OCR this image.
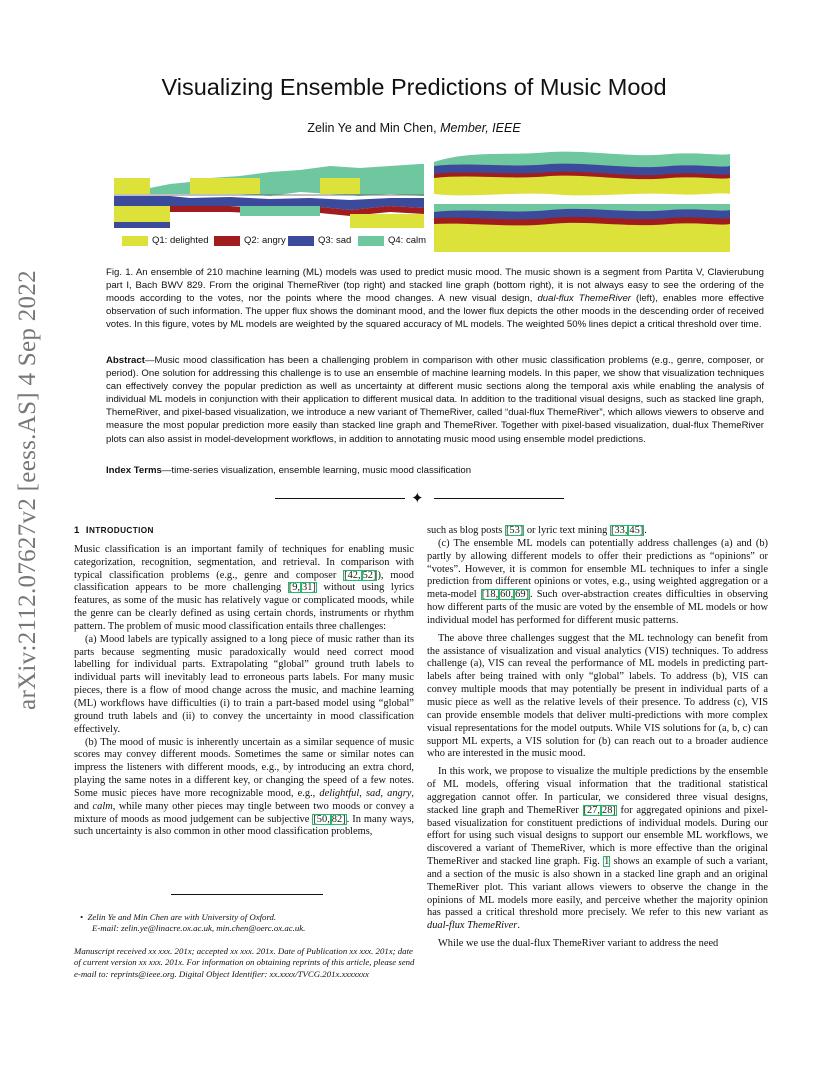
arXiv:2112.07627v2 [eess.AS] 4 Sep 2022
Visualizing Ensemble Predictions of Music Mood
Zelin Ye and Min Chen, Member, IEEE
Q1: delighted	Q2: angry	Q3: sad	Q4: calm
Fig. 1. An ensemble of 210 machine learning (ML) models was used to predict music mood. The music shown is a segment from Partita V, Clavierubung part I, Bach BWV 829. From the original ThemeRiver (top right) and stacked line graph (bottom right), it is not always easy to see the ordering of the moods according to the votes, nor the points where the mood changes. A new visual design, dual-flux ThemeRiver (left), enables more effective observation of such information. The upper flux shows the dominant mood, and the lower flux depicts the other moods in the descending order of received votes. In this figure, votes by ML models are weighted by the squared accuracy of ML models. The weighted 50% lines depict a critical threshold over time.
Abstract—Music mood classification has been a challenging problem in comparison with other music classification problems (e.g., genre, composer, or period). One solution for addressing this challenge is to use an ensemble of machine learning models. In this paper, we show that visualization techniques can effectively convey the popular prediction as well as uncertainty at different music sections along the temporal axis while enabling the analysis of individual ML models in conjunction with their application to different musical data. In addition to the traditional visual designs, such as stacked line graph, ThemeRiver, and pixel-based visualization, we introduce a new variant of ThemeRiver, called “dual-flux ThemeRiver”, which allows viewers to observe and measure the most popular prediction more easily than stacked line graph and ThemeRiver. Together with pixel-based visualization, dual-flux ThemeRiver plots can also assist in model-development workflows, in addition to annotating music mood using ensemble model predictions.
Index Terms—time-series visualization, ensemble learning, music mood classification
✦
1 INTRODUCTION

Music classification is an important family of techniques for enabling music categorization, recognition, segmentation, and retrieval. In comparison with typical classification problems (e.g., genre and composer [42, 52]), mood classification appears to be more challenging [9, 31] without using lyrics features, as some of the music has relatively vague or complicated moods, while the genre can be clearly defined as using certain chords, instruments or rhythm pattern. The problem of music mood classification entails three challenges:

(a) Mood labels are typically assigned to a long piece of music rather than its parts because segmenting music paradoxically would need correct mood labelling for individual parts. Extrapolating “global” ground truth labels to individual parts will inevitably lead to erroneous parts labels. For many music pieces, there is a flow of mood change across the music, and machine learning (ML) workflows have difficulties (i) to train a part-based model using “global” ground truth labels and (ii) to convey the uncertainty in mood classification effectively.

(b) The mood of music is inherently uncertain as a similar sequence of music scores may convey different moods. Sometimes the same or similar notes can impress the listeners with different moods, e.g., by introducing an extra chord, playing the same notes in a different key, or changing the speed of a few notes. Some music pieces have more recognizable mood, e.g., delightful, sad, angry, and calm, while many other pieces may tingle between two moods or convey a mixture of moods as mood judgement can be subjective [50, 82]. In many ways, such uncertainty is also common in other mood classification problems,

• Zelin Ye and Min Chen are with University of Oxford.
E-mail: zelin.ye@linacre.ox.ac.uk, min.chen@oerc.ox.ac.uk.
Manuscript received xx xxx. 201x; accepted xx xxx. 201x. Date of Publication xx xxx. 201x; date of current version xx xxx. 201x. For information on obtaining reprints of this article, please send e-mail to: reprints@ieee.org. Digital Object Identifier: xx.xxxx/TVCG.201x.xxxxxxx

such as blog posts [53] or lyric text mining [33, 45].

(c) The ensemble ML models can potentially address challenges (a) and (b) partly by allowing different models to offer their predictions as “opinions” or “votes”. However, it is common for ensemble ML techniques to infer a single prediction from different opinions or votes, e.g., using weighted aggregation or a meta-model [18, 60, 69]. Such over-abstraction creates difficulties in observing how different parts of the music are voted by the ensemble of ML models or how individual model has performed for different music patterns.

The above three challenges suggest that the ML technology can benefit from the assistance of visualization and visual analytics (VIS) techniques. To address challenge (a), VIS can reveal the performance of ML models in predicting part-labels after being trained with only “global” labels. To address (b), VIS can convey multiple moods that may potentially be present in individual parts of a music piece as well as the relative levels of their presence. To address (c), VIS can provide ensemble models that deliver multi-predictions with more complex visual representations for the model outputs. While VIS solutions for (a, b, c) can support ML experts, a VIS solution for (b) can reach out to a broader audience who are interested in the music mood.

In this work, we propose to visualize the multiple predictions by the ensemble of ML models, offering visual information that the traditional statistical aggregation cannot offer. In particular, we considered three visual designs, stacked line graph and ThemeRiver [27, 28] for aggregated opinions and pixel-based visualization for constituent predictions of individual models. During our effort for using such visual designs to support our ensemble ML workflows, we discovered a variant of ThemeRiver, which is more effective than the original ThemeRiver and stacked line graph. Fig. 1 shows an example of such a variant, and a section of the music is also shown in a stacked line graph and an original ThemeRiver plot. This variant allows viewers to observe the change in the opinions of ML models more easily, and perceive whether the majority opinion has passed a critical threshold more precisely. We refer to this new variant as dual-flux ThemeRiver.

While we use the dual-flux ThemeRiver variant to address the need
